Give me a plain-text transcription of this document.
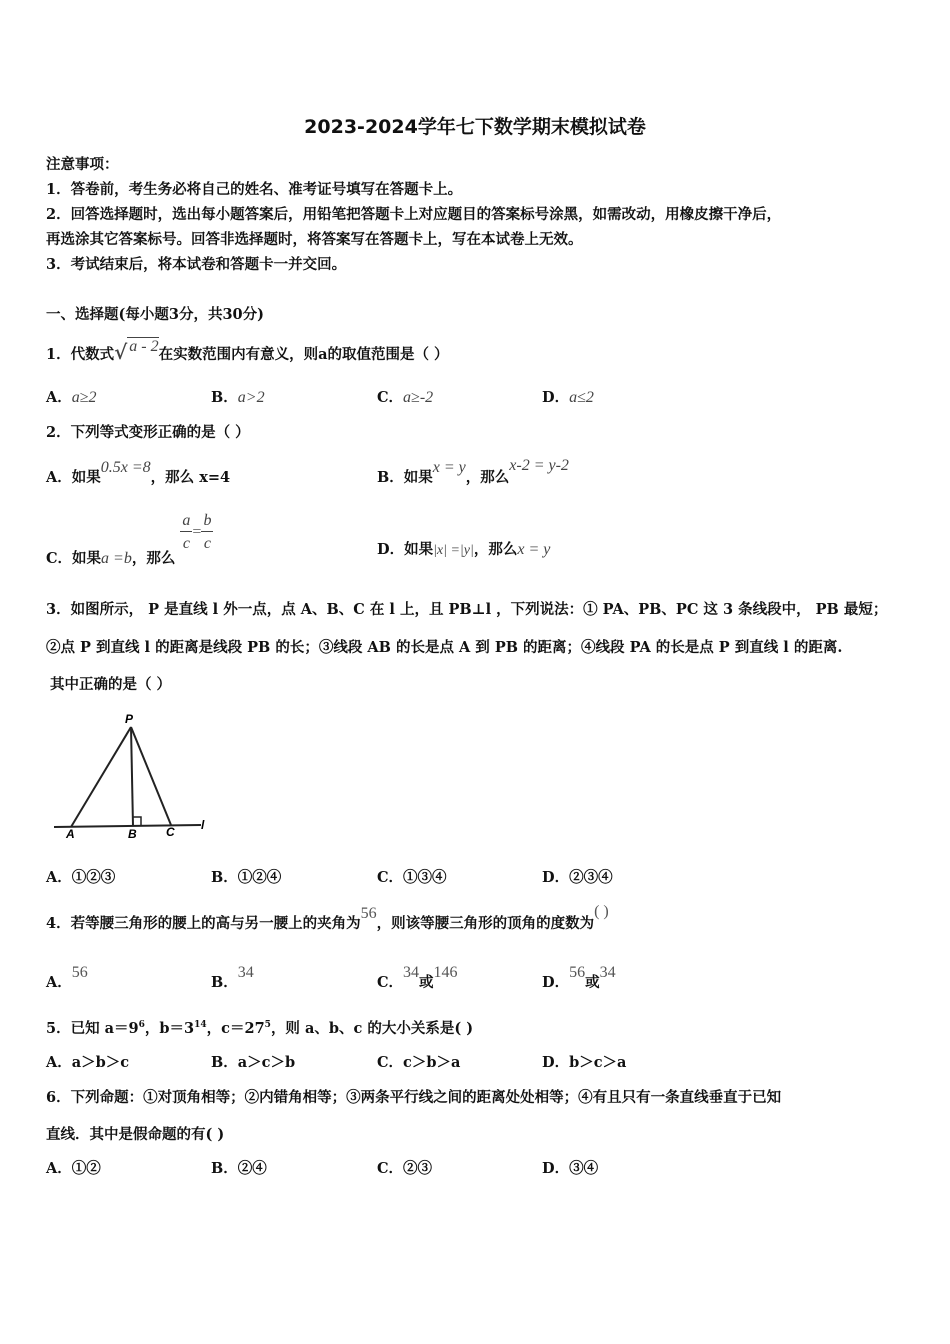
2023-2024学年七下数学期末模拟试卷
注意事项：
1．答卷前，考生务必将自己的姓名、准考证号填写在答题卡上。
2．回答选择题时，选出每小题答案后，用铅笔把答题卡上对应题目的答案标号涂黑，如需改动，用橡皮擦干净后，
再选涂其它答案标号。回答非选择题时，将答案写在答题卡上，写在本试卷上无效。
3．考试结束后，将本试卷和答题卡一并交回。
一、选择题(每小题3分，共30分)
1．代数式√ a - 2在实数范围内有意义，则a的取值范围是（ ）
A．a≥2	B．a>2	C．a≥-2	D．a≤2
2．下列等式变形正确的是（ ）
A．如果0.5x =8，那么 x=4	B．如果x = y，那么x-2 = y-2
C．如果a =b，那么
$\frac{a}{c} = \frac{b}{c}$	D．如果|x| =|y|，那么x = y
3．如图所示， P 是直线 l 外一点，点 A、B、C 在 l 上，且 PB⊥l ，下列说法：① PA、PB、PC 这 3 条线段中， PB 最短；
②点 P 到直线 l 的距离是线段 PB 的长；③线段 AB 的长是点 A 到 PB 的距离；④线段 PA 的长是点 P 到直线 l 的距离.
其中正确的是（ ）
P
A	B C l
A．①②③	B．①②④	C．①③④	D．②③④
4．若等腰三角形的腰上的高与另一腰上的夹角为56，则该等腰三角形的顶角的度数为( )
A．56
B．34
C．34或146
D．56或34
5．已知 $a=9^6$，$b=3^{14}$，$c=27^5$，则 a、b、c 的大小关系是( )
A．a＞b＞c	B．a＞c＞b	C．c＞b＞a	D．b＞c＞a
6．下列命题：①对顶角相等；②内错角相等；③两条平行线之间的距离处处相等；④有且只有一条直线垂直于已知
直线．其中是假命题的有( )
A．①②	B．②④	C．②③	D．③④
